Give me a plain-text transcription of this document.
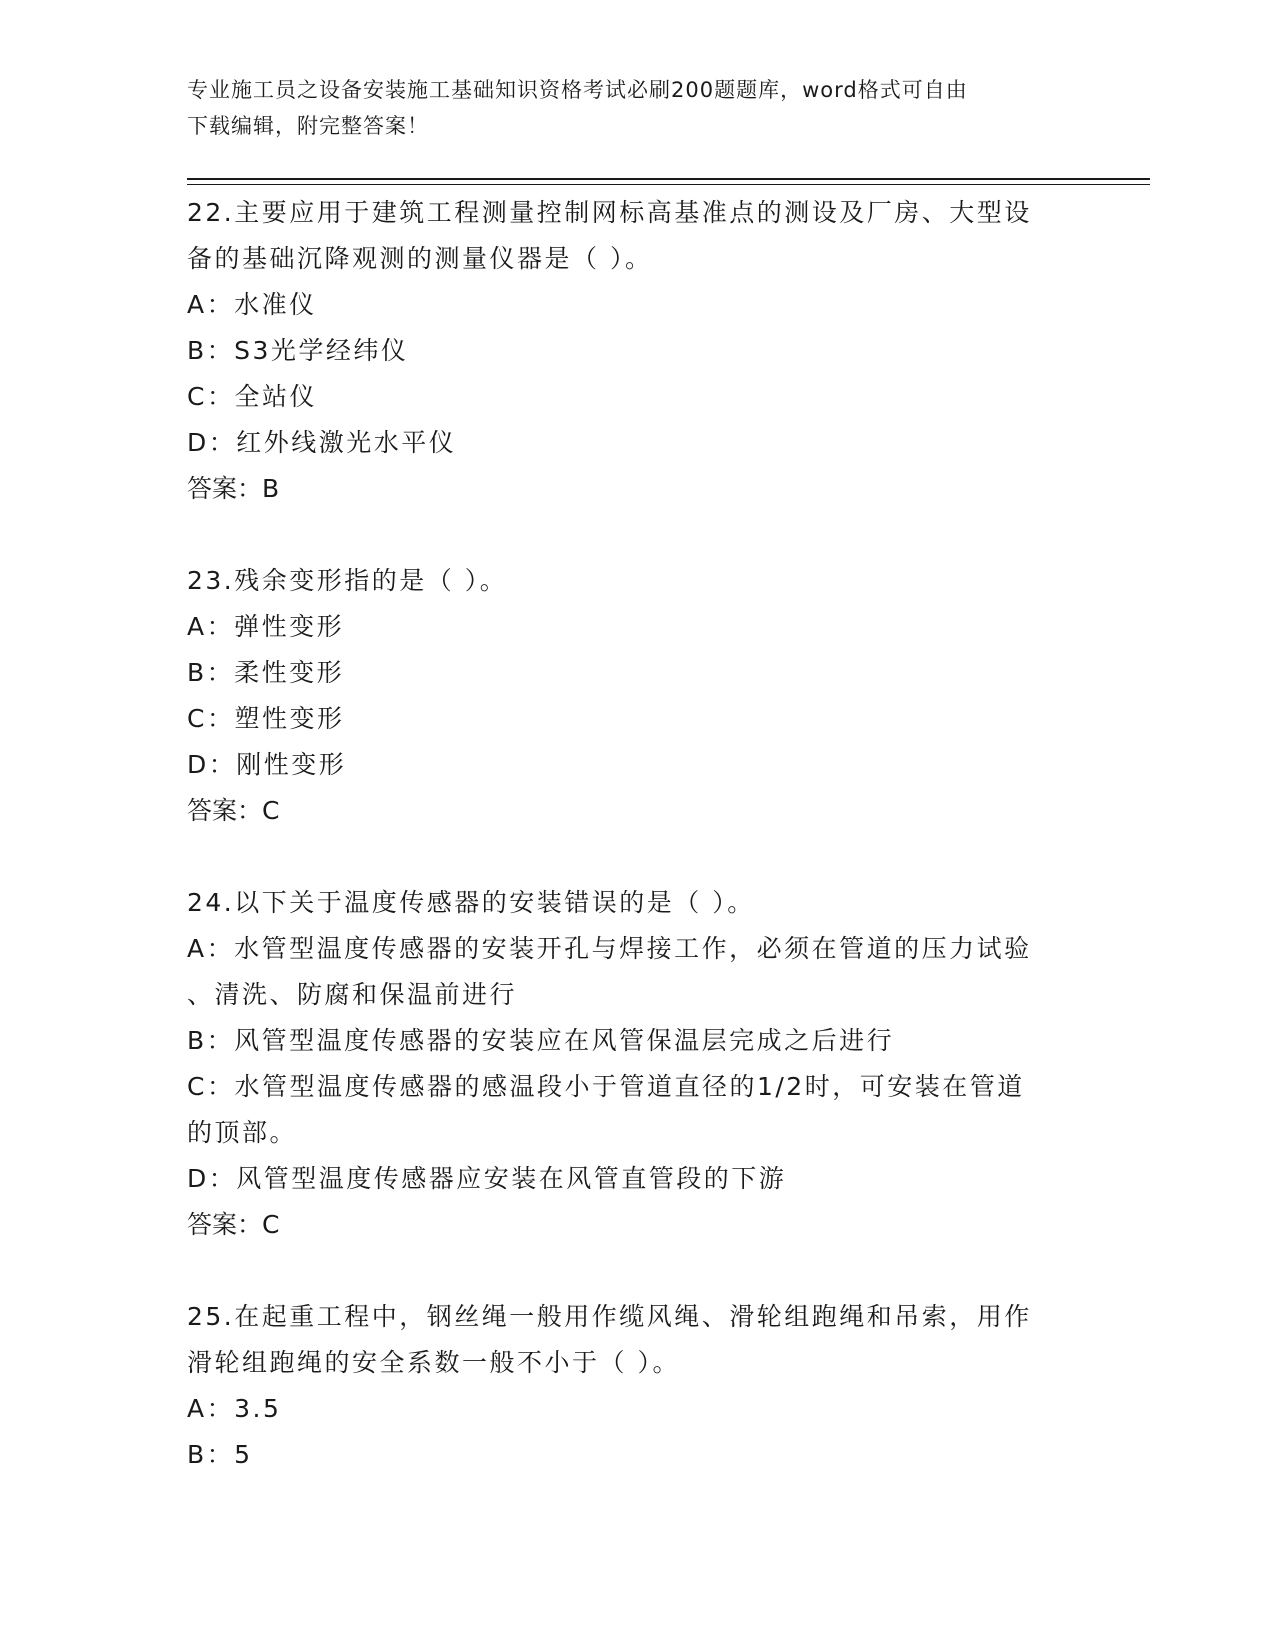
专业施工员之设备安装施工基础知识资格考试必刷200题题库，word格式可自由
下载编辑，附完整答案！
22.主要应用于建筑工程测量控制网标高基准点的测设及厂房、大型设
备的基础沉降观测的测量仪器是（ ）。
A：水准仪
B：S3光学经纬仪
C：全站仪
D：红外线激光水平仪
答案：B
23.残余变形指的是（ ）。
A：弹性变形
B：柔性变形
C：塑性变形
D：刚性变形
答案：C
24.以下关于温度传感器的安装错误的是（ ）。
A：水管型温度传感器的安装开孔与焊接工作，必须在管道的压力试验
、清洗、防腐和保温前进行
B：风管型温度传感器的安装应在风管保温层完成之后进行
C：水管型温度传感器的感温段小于管道直径的1/2时，可安装在管道
的顶部。
D：风管型温度传感器应安装在风管直管段的下游
答案：C
25.在起重工程中，钢丝绳一般用作缆风绳、滑轮组跑绳和吊索，用作
滑轮组跑绳的安全系数一般不小于（ ）。
A：3.5
B：5
